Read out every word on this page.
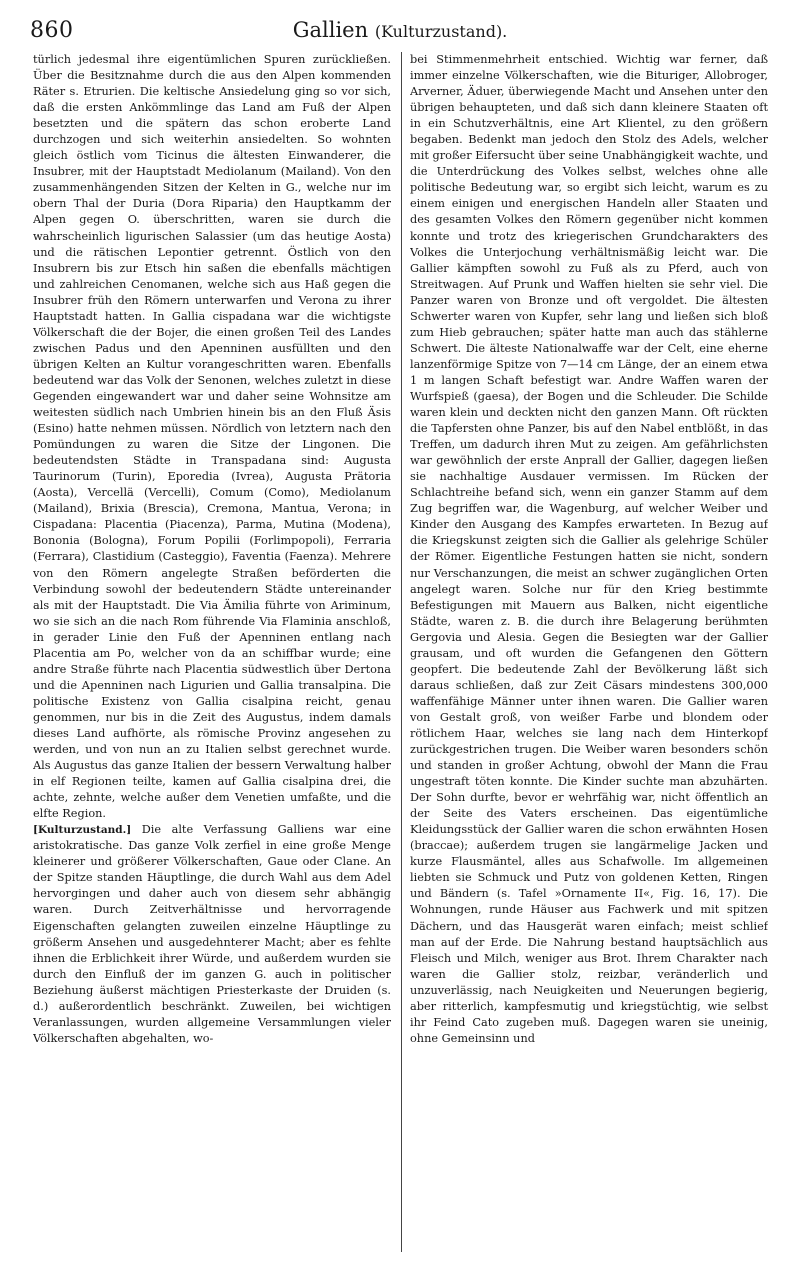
860	Gallien (Kulturzustand).

türlich jedesmal ihre eigentümlichen Spuren zurückließen. Über die Besitznahme durch die aus den Alpen kommenden Räter s. Etrurien. Die keltische Ansiedelung ging so vor sich, daß die ersten Ankömmlinge das Land am Fuß der Alpen besetzten und die spätern das schon eroberte Land durchzogen und sich weiterhin ansiedelten. So wohnten gleich östlich vom Ticinus die ältesten Einwanderer, die Insubrer, mit der Hauptstadt Mediolanum (Mailand). Von den zusammenhängenden Sitzen der Kelten in G., welche nur im obern Thal der Duria (Dora Riparia) den Hauptkamm der Alpen gegen O. überschritten, waren sie durch die wahrscheinlich ligurischen Salassier (um das heutige Aosta) und die rätischen Lepontier getrennt. Östlich von den Insubrern bis zur Etsch hin saßen die ebenfalls mächtigen und zahlreichen Cenomanen, welche sich aus Haß gegen die Insubrer früh den Römern unterwarfen und Verona zu ihrer Hauptstadt hatten. In Gallia cispadana war die wichtigste Völkerschaft die der Bojer, die einen großen Teil des Landes zwischen Padus und den Apenninen ausfüllten und den übrigen Kelten an Kultur vorangeschritten waren. Ebenfalls bedeutend war das Volk der Senonen, welches zuletzt in diese Gegenden eingewandert war und daher seine Wohnsitze am weitesten südlich nach Umbrien hinein bis an den Fluß Äsis (Esino) hatte nehmen müssen. Nördlich von letztern nach den Pomündungen zu waren die Sitze der Lingonen. Die bedeutendsten Städte in Transpadana sind: Augusta Taurinorum (Turin), Eporedia (Ivrea), Augusta Prätoria (Aosta), Vercellä (Vercelli), Comum (Como), Mediolanum (Mailand), Brixia (Brescia), Cremona, Mantua, Verona; in Cispadana: Placentia (Piacenza), Parma, Mutina (Modena), Bononia (Bologna), Forum Popilii (Forlimpopoli), Ferraria (Ferrara), Clastidium (Casteggio), Faventia (Faenza). Mehrere von den Römern angelegte Straßen beförderten die Verbindung sowohl der bedeutendern Städte untereinander als mit der Hauptstadt. Die Via Ämilia führte von Ariminum, wo sie sich an die nach Rom führende Via Flaminia anschloß, in gerader Linie den Fuß der Apenninen entlang nach Placentia am Po, welcher von da an schiffbar wurde; eine andre Straße führte nach Placentia südwestlich über Dertona und die Apenninen nach Ligurien und Gallia transalpina. Die politische Existenz von Gallia cisalpina reicht, genau genommen, nur bis in die Zeit des Augustus, indem damals dieses Land aufhörte, als römische Provinz angesehen zu werden, und von nun an zu Italien selbst gerechnet wurde. Als Augustus das ganze Italien der bessern Verwaltung halber in elf Regionen teilte, kamen auf Gallia cisalpina drei, die achte, zehnte, welche außer dem Venetien umfaßte, und die elfte Region.

[Kulturzustand.] Die alte Verfassung Galliens war eine aristokratische. Das ganze Volk zerfiel in eine große Menge kleinerer und größerer Völkerschaften, Gaue oder Clane. An der Spitze standen Häuptlinge, die durch Wahl aus dem Adel hervorgingen und daher auch von diesem sehr abhängig waren. Durch Zeitverhältnisse und hervorragende Eigenschaften gelangten zuweilen einzelne Häuptlinge zu größerm Ansehen und ausgedehnterer Macht; aber es fehlte ihnen die Erblichkeit ihrer Würde, und außerdem wurden sie durch den Einfluß der im ganzen G. auch in politischer Beziehung äußerst mächtigen Priesterkaste der Druiden (s. d.) außerordentlich beschränkt. Zuweilen, bei wichtigen Veranlassungen, wurden allgemeine Versammlungen vieler Völkerschaften abgehalten, wo-

bei Stimmenmehrheit entschied. Wichtig war ferner, daß immer einzelne Völkerschaften, wie die Bituriger, Allobroger, Arverner, Äduer, überwiegende Macht und Ansehen unter den übrigen behaupteten, und daß sich dann kleinere Staaten oft in ein Schutzverhältnis, eine Art Klientel, zu den größern begaben. Bedenkt man jedoch den Stolz des Adels, welcher mit großer Eifersucht über seine Unabhängigkeit wachte, und die Unterdrückung des Volkes selbst, welches ohne alle politische Bedeutung war, so ergibt sich leicht, warum es zu einem einigen und energischen Handeln aller Staaten und des gesamten Volkes den Römern gegenüber nicht kommen konnte und trotz des kriegerischen Grundcharakters des Volkes die Unterjochung verhältnismäßig leicht war. Die Gallier kämpften sowohl zu Fuß als zu Pferd, auch von Streitwagen. Auf Prunk und Waffen hielten sie sehr viel. Die Panzer waren von Bronze und oft vergoldet. Die ältesten Schwerter waren von Kupfer, sehr lang und ließen sich bloß zum Hieb gebrauchen; später hatte man auch das stählerne Schwert. Die älteste Nationalwaffe war der Celt, eine eherne lanzenförmige Spitze von 7—14 cm Länge, der an einem etwa 1 m langen Schaft befestigt war. Andre Waffen waren der Wurfspieß (gaesa), der Bogen und die Schleuder. Die Schilde waren klein und deckten nicht den ganzen Mann. Oft rückten die Tapfersten ohne Panzer, bis auf den Nabel entblößt, in das Treffen, um dadurch ihren Mut zu zeigen. Am gefährlichsten war gewöhnlich der erste Anprall der Gallier, dagegen ließen sie nachhaltige Ausdauer vermissen. Im Rücken der Schlachtreihe befand sich, wenn ein ganzer Stamm auf dem Zug begriffen war, die Wagenburg, auf welcher Weiber und Kinder den Ausgang des Kampfes erwarteten. In Bezug auf die Kriegskunst zeigten sich die Gallier als gelehrige Schüler der Römer. Eigentliche Festungen hatten sie nicht, sondern nur Verschanzungen, die meist an schwer zugänglichen Orten angelegt waren. Solche nur für den Krieg bestimmte Befestigungen mit Mauern aus Balken, nicht eigentliche Städte, waren z. B. die durch ihre Belagerung berühmten Gergovia und Alesia. Gegen die Besiegten war der Gallier grausam, und oft wurden die Gefangenen den Göttern geopfert. Die bedeutende Zahl der Bevölkerung läßt sich daraus schließen, daß zur Zeit Cäsars mindestens 300,000 waffenfähige Männer unter ihnen waren. Die Gallier waren von Gestalt groß, von weißer Farbe und blondem oder rötlichem Haar, welches sie lang nach dem Hinterkopf zurückgestrichen trugen. Die Weiber waren besonders schön und standen in großer Achtung, obwohl der Mann die Frau ungestraft töten konnte. Die Kinder suchte man abzuhärten. Der Sohn durfte, bevor er wehrfähig war, nicht öffentlich an der Seite des Vaters erscheinen. Das eigentümliche Kleidungsstück der Gallier waren die schon erwähnten Hosen (braccae); außerdem trugen sie langärmelige Jacken und kurze Flausmäntel, alles aus Schafwolle. Im allgemeinen liebten sie Schmuck und Putz von goldenen Ketten, Ringen und Bändern (s. Tafel »Ornamente II«, Fig. 16, 17). Die Wohnungen, runde Häuser aus Fachwerk und mit spitzen Dächern, und das Hausgerät waren einfach; meist schlief man auf der Erde. Die Nahrung bestand hauptsächlich aus Fleisch und Milch, weniger aus Brot. Ihrem Charakter nach waren die Gallier stolz, reizbar, veränderlich und unzuverlässig, nach Neuigkeiten und Neuerungen begierig, aber ritterlich, kampfesmutig und kriegstüchtig, wie selbst ihr Feind Cato zugeben muß. Dagegen waren sie uneinig, ohne Gemeinsinn und
